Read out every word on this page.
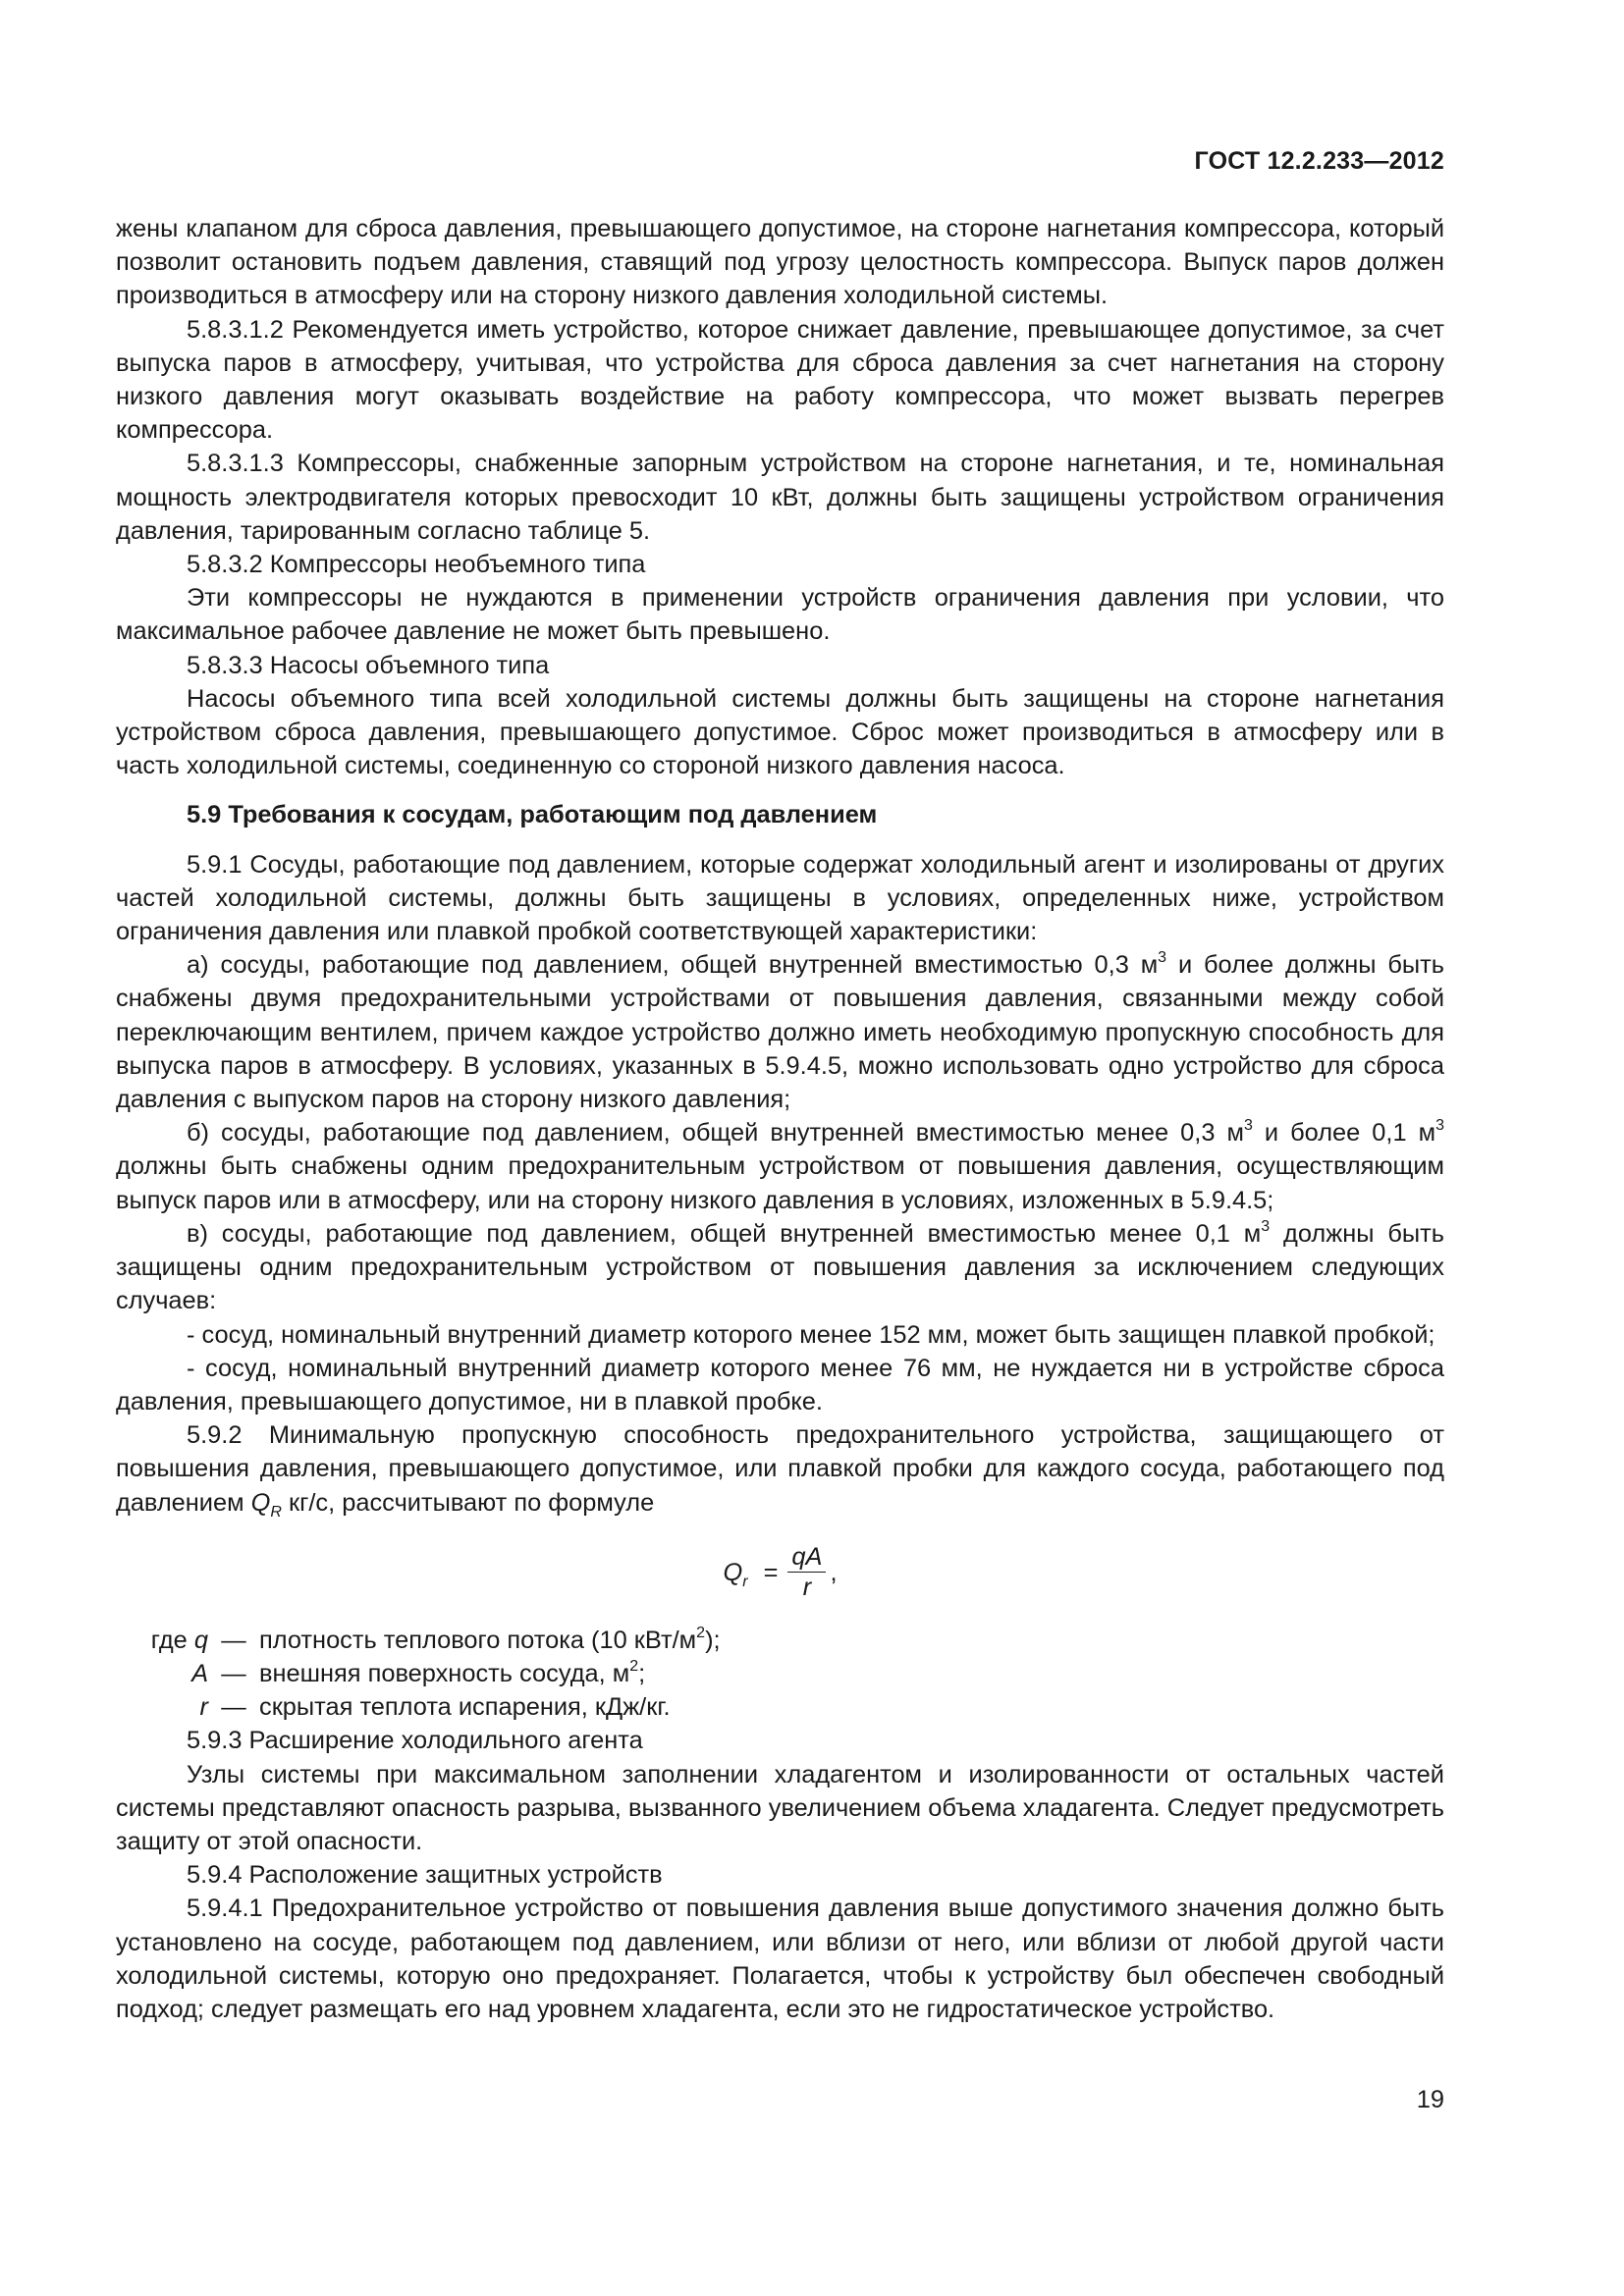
ГОСТ 12.2.233—2012

жены клапаном для сброса давления, превышающего допустимое, на стороне нагнетания компрессора, который позволит остановить подъем давления, ставящий под угрозу целостность компрессора. Выпуск паров должен производиться в атмосферу или на сторону низкого давления холодильной системы.

5.8.3.1.2 Рекомендуется иметь устройство, которое снижает давление, превышающее допустимое, за счет выпуска паров в атмосферу, учитывая, что устройства для сброса давления за счет нагнетания на сторону низкого давления могут оказывать воздействие на работу компрессора, что может вызвать перегрев компрессора.

5.8.3.1.3 Компрессоры, снабженные запорным устройством на стороне нагнетания, и те, номинальная мощность электродвигателя которых превосходит 10 кВт, должны быть защищены устройством ограничения давления, тарированным согласно таблице 5.

5.8.3.2 Компрессоры необъемного типа

Эти компрессоры не нуждаются в применении устройств ограничения давления при условии, что максимальное рабочее давление не может быть превышено.

5.8.3.3 Насосы объемного типа

Насосы объемного типа всей холодильной системы должны быть защищены на стороне нагнетания устройством сброса давления, превышающего допустимое. Сброс может производиться в атмосферу или в часть холодильной системы, соединенную со стороной низкого давления насоса.

5.9 Требования к сосудам, работающим под давлением

5.9.1 Сосуды, работающие под давлением, которые содержат холодильный агент и изолированы от других частей холодильной системы, должны быть защищены в условиях, определенных ниже, устройством ограничения давления или плавкой пробкой соответствующей характеристики:

а) сосуды, работающие под давлением, общей внутренней вместимостью 0,3 $м^3$ и более должны быть снабжены двумя предохранительными устройствами от повышения давления, связанными между собой переключающим вентилем, причем каждое устройство должно иметь необходимую пропускную способность для выпуска паров в атмосферу. В условиях, указанных в 5.9.4.5, можно использовать одно устройство для сброса давления с выпуском паров на сторону низкого давления;

б) сосуды, работающие под давлением, общей внутренней вместимостью менее 0,3 $м^3$ и более 0,1 $м^3$ должны быть снабжены одним предохранительным устройством от повышения давления, осуществляющим выпуск паров или в атмосферу, или на сторону низкого давления в условиях, изложенных в 5.9.4.5;

в) сосуды, работающие под давлением, общей внутренней вместимостью менее 0,1 $м^3$ должны быть защищены одним предохранительным устройством от повышения давления за исключением следующих случаев:

- сосуд, номинальный внутренний диаметр которого менее 152 мм, может быть защищен плавкой пробкой;

- сосуд, номинальный внутренний диаметр которого менее 76 мм, не нуждается ни в устройстве сброса давления, превышающего допустимое, ни в плавкой пробке.

5.9.2 Минимальную пропускную способность предохранительного устройства, защищающего от повышения давления, превышающего допустимое, или плавкой пробки для каждого сосуда, работающего под давлением $Q_R$ кг/с, рассчитывают по формуле

$Q_r = \frac{qA}{r}$ ,
где q — плотность теплового потока (10 кВт/$м^2$);
A — внешняя поверхность сосуда, $м^2$;
r — скрытая теплота испарения, кДж/кг.

5.9.3 Расширение холодильного агента

Узлы системы при максимальном заполнении хладагентом и изолированности от остальных частей системы представляют опасность разрыва, вызванного увеличением объема хладагента. Следует предусмотреть защиту от этой опасности.

5.9.4 Расположение защитных устройств

5.9.4.1 Предохранительное устройство от повышения давления выше допустимого значения должно быть установлено на сосуде, работающем под давлением, или вблизи от него, или вблизи от любой другой части холодильной системы, которую оно предохраняет. Полагается, чтобы к устройству был обеспечен свободный подход; следует размещать его над уровнем хладагента, если это не гидростатическое устройство.

19
